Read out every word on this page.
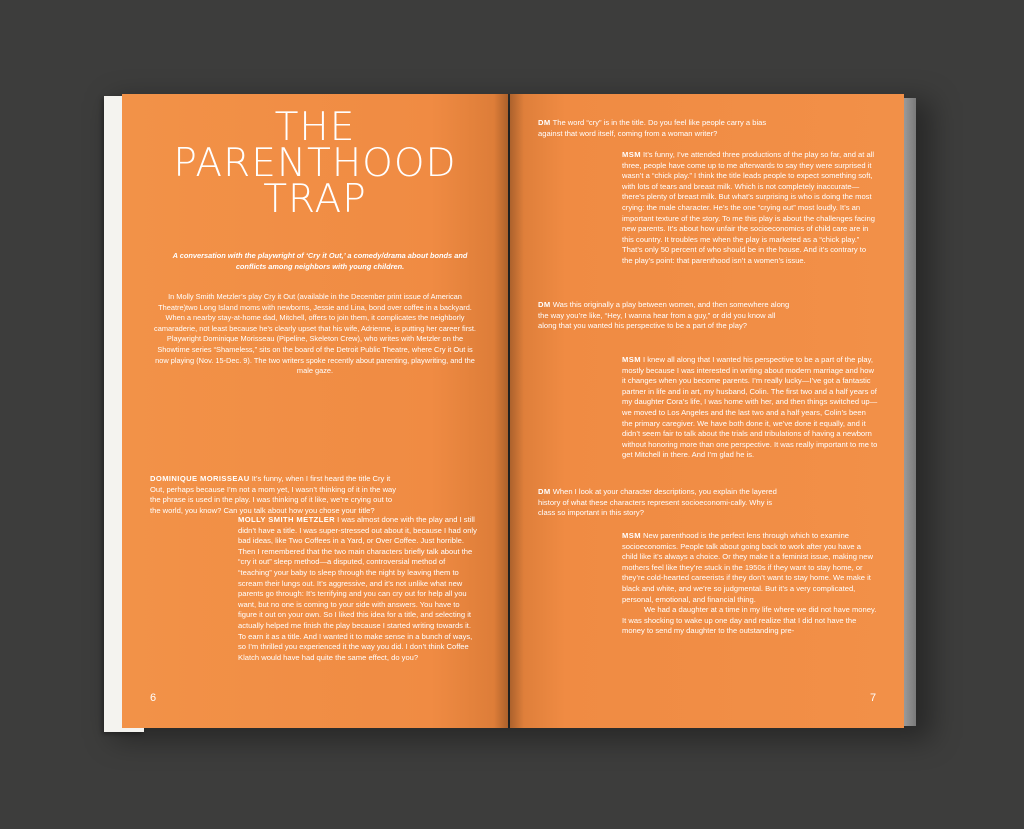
THE
PARENTHOOD
TRAP
A conversation with the playwright of ‘Cry it Out,’ a comedy/drama about bonds and conflicts among neighbors with young children.
In Molly Smith Metzler’s play Cry it Out (available in the December print issue of American Theatre)two Long Island moms with newborns, Jessie and Lina, bond over coffee in a backyard. When a nearby stay-at-home dad, Mitchell, offers to join them, it complicates the neighborly camaraderie, not least because he’s clearly upset that his wife, Adrienne, is putting her career first. Playwright Dominique Morisseau (Pipeline, Skeleton Crew), who writes with Metzler on the Showtime series “Shameless,” sits on the board of the Detroit Public Theatre, where Cry it Out is now playing (Nov. 15-Dec. 9). The two writers spoke recently about parenting, playwriting, and the male gaze.
DOMINIQUE MORISSEAU It’s funny, when I first heard the title Cry it Out, perhaps because I’m not a mom yet, I wasn’t thinking of it in the way the phrase is used in the play. I was thinking of it like, we’re crying out to the world, you know? Can you talk about how you chose your title?
MOLLY SMITH METZLER I was almost done with the play and I still didn’t have a title. I was super-stressed out about it, because I had only bad ideas, like Two Coffees in a Yard, or Over Coffee. Just horrible. Then I remembered that the two main characters briefly talk about the “cry it out” sleep method—a disputed, controversial method of “teaching” your baby to sleep through the night by leaving them to scream their lungs out. It’s aggressive, and it’s not unlike what new parents go through: It’s terrifying and you can cry out for help all you want, but no one is coming to your side with answers. You have to figure it out on your own. So I liked this idea for a title, and selecting it actually helped me finish the play because I started writing towards it. To earn it as a title. And I wanted it to make sense in a bunch of ways, so I’m thrilled you experienced it the way you did. I don’t think Coffee Klatch would have had quite the same effect, do you?
6
DM The word “cry” is in the title. Do you feel like people carry a bias against that word itself, coming from a woman writer?
MSM It’s funny, I’ve attended three productions of the play so far, and at all three, people have come up to me afterwards to say they were surprised it wasn’t a “chick play.” I think the title leads people to expect something soft, with lots of tears and breast milk. Which is not completely inaccurate—there’s plenty of breast milk. But what’s surprising is who is doing the most crying: the male character. He’s the one “crying out” most loudly. It’s an important texture of the story. To me this play is about the challenges facing new parents. It’s about how unfair the socioeconomics of child care are in this country. It troubles me when the play is marketed as a “chick play.” That’s only 50 percent of who should be in the house. And it’s contrary to the play’s point: that parenthood isn’t a women’s issue.
DM Was this originally a play between women, and then somewhere along the way you’re like, “Hey, I wanna hear from a guy,” or did you know all along that you wanted his perspective to be a part of the play?
MSM I knew all along that I wanted his perspective to be a part of the play, mostly because I was interested in writing about modern marriage and how it changes when you become parents. I’m really lucky—I’ve got a fantastic partner in life and in art, my husband, Colin. The first two and a half years of my daughter Cora’s life, I was home with her, and then things switched up—we moved to Los Angeles and the last two and a half years, Colin’s been the primary caregiver. We have both done it, we’ve done it equally, and it didn’t seem fair to talk about the trials and tribulations of having a newborn without honoring more than one perspective. It was really important to me to get Mitchell in there. And I’m glad he is.
DM When I look at your character descriptions, you explain the layered history of what these characters represent socioeconomi-cally. Why is class so important in this story?
MSM New parenthood is the perfect lens through which to examine socioeconomics. People talk about going back to work after you have a child like it’s always a choice. Or they make it a feminist issue, making new mothers feel like they’re stuck in the 1950s if they want to stay home, or they’re cold-hearted careerists if they don’t want to stay home. We make it black and white, and we’re so judgmental. But it’s a very complicated, personal, emotional, and financial thing.
We had a daughter at a time in my life where we did not have money. It was shocking to wake up one day and realize that I did not have the money to send my daughter to the outstanding pre-
7
